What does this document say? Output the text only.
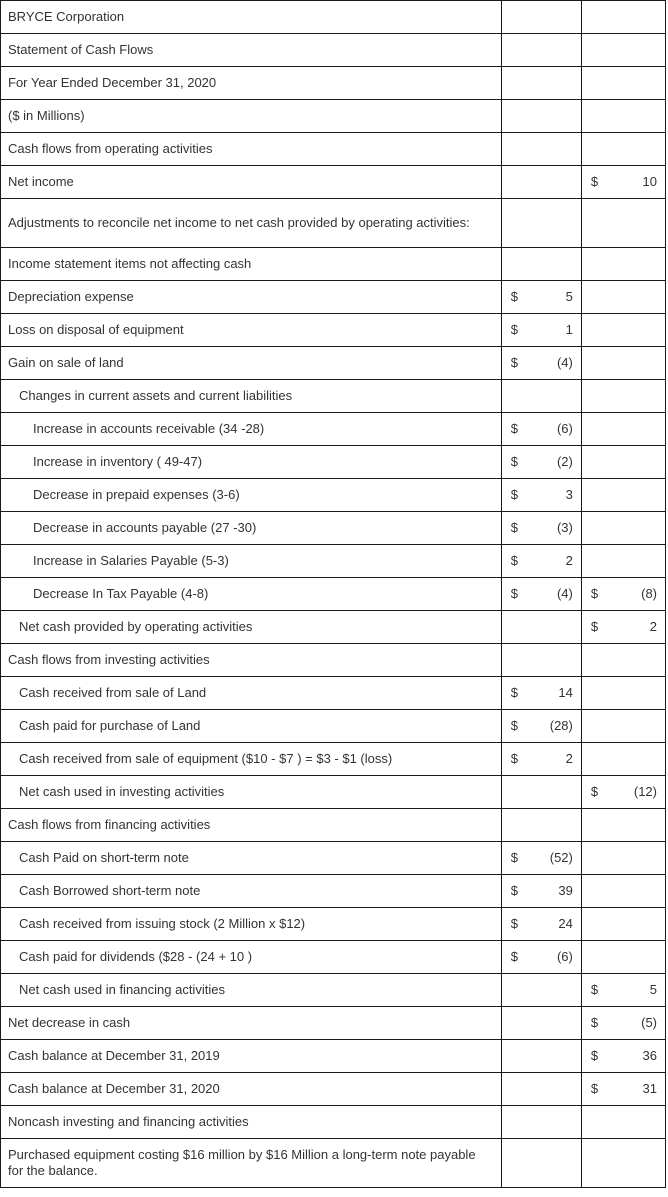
BRYCE Corporation		
Statement of Cash Flows		
For Year Ended December 31, 2020		
($ in Millions)		
Cash flows from operating activities		
Net income		$ 10

Adjustments to reconcile net income to net cash provided by operating activities:		
Income statement items not affecting cash		
Depreciation expense	$ 5	

Loss on disposal of equipment	$ 1	

Gain on sale of land	$ (4)	

Changes in current assets and current liabilities		
Increase in accounts receivable (34 -28)	$ (6)	

Increase in inventory ( 49-47)	$ (2)	

Decrease in prepaid expenses (3-6)	$ 3	

Decrease in accounts payable (27 -30)	$ (3)	

Increase in Salaries Payable (5-3)	$ 2	

Decrease In Tax Payable (4-8)	$ (4)	$ (8)

Net cash provided by operating activities		$ 2

Cash flows from investing activities		
Cash received from sale of Land	$ 14	

Cash paid for purchase of Land	$ (28)	

Cash received from sale of equipment ($10 - $7 ) = $3 - $1 (loss)	$ 2	

Net cash used in investing activities		$ (12)

Cash flows from financing activities		
Cash Paid on short-term note	$ (52)	

Cash Borrowed short-term note	$ 39	

Cash received from issuing stock (2 Million x $12)	$ 24	

Cash paid for dividends ($28 - (24 + 10 )	$ (6)	

Net cash used in financing activities		$ 5

Net decrease in cash		$ (5)

Cash balance at December 31, 2019		$ 36

Cash balance at December 31, 2020		$ 31

Noncash investing and financing activities		
Purchased equipment costing $16 million by $16 Million a long-term note payable for the balance.		
